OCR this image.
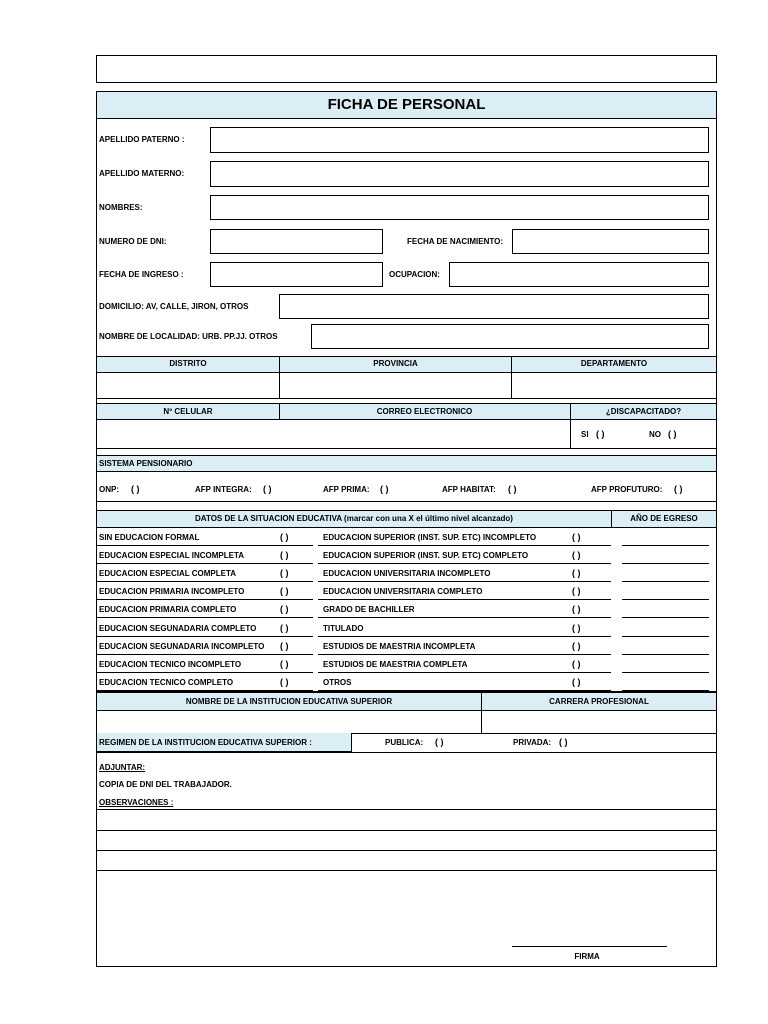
FICHA DE PERSONAL
APELLIDO PATERNO :
APELLIDO MATERNO:
NOMBRES:
NUMERO DE DNI:	FECHA DE NACIMIENTO:
FECHA DE INGRESO :	OCUPACION:
DOMICILIO: AV, CALLE, JIRON, OTROS
NOMBRE DE LOCALIDAD: URB. PP.JJ. OTROS
DISTRITO	PROVINCIA	DEPARTAMENTO
Nº CELULAR	CORREO ELECTRONICO	¿DISCAPACITADO?
SI ( )	NO ( )
SISTEMA PENSIONARIO
ONP: ( )	AFP INTEGRA: ( )	AFP PRIMA: ( )	AFP HABITAT: ( )	AFP PROFUTURO: ( )
DATOS DE LA SITUACION EDUCATIVA (marcar con una X el último nivel alcanzado)	AÑO DE EGRESO
SIN EDUCACION FORMAL	( )	EDUCACION SUPERIOR (INST. SUP. ETC) INCOMPLETO	( )
EDUCACION ESPECIAL INCOMPLETA	( )	EDUCACION SUPERIOR (INST. SUP. ETC) COMPLETO	( )
EDUCACION ESPECIAL COMPLETA	( )	EDUCACION UNIVERSITARIA INCOMPLETO	( )
EDUCACION PRIMARIA INCOMPLETO	( )	EDUCACION UNIVERSITARIA COMPLETO	( )
EDUCACION PRIMARIA COMPLETO	( )	GRADO DE BACHILLER	( )
EDUCACION SEGUNADARIA COMPLETO	( )	TITULADO	( )
EDUCACION SEGUNADARIA INCOMPLETO ( )	ESTUDIOS DE MAESTRIA INCOMPLETA	( )
EDUCACION TECNICO INCOMPLETO	( )	ESTUDIOS DE MAESTRIA COMPLETA	( )
EDUCACION TECNICO COMPLETO	( )	OTROS	( )
NOMBRE DE LA INSTITUCION EDUCATIVA SUPERIOR	CARRERA PROFESIONAL
REGIMEN DE LA INSTITUCION EDUCATIVA SUPERIOR :	PUBLICA: ( )	PRIVADA: ( )
ADJUNTAR:
COPIA DE DNI DEL TRABAJADOR.
OBSERVACIONES :
FIRMA
